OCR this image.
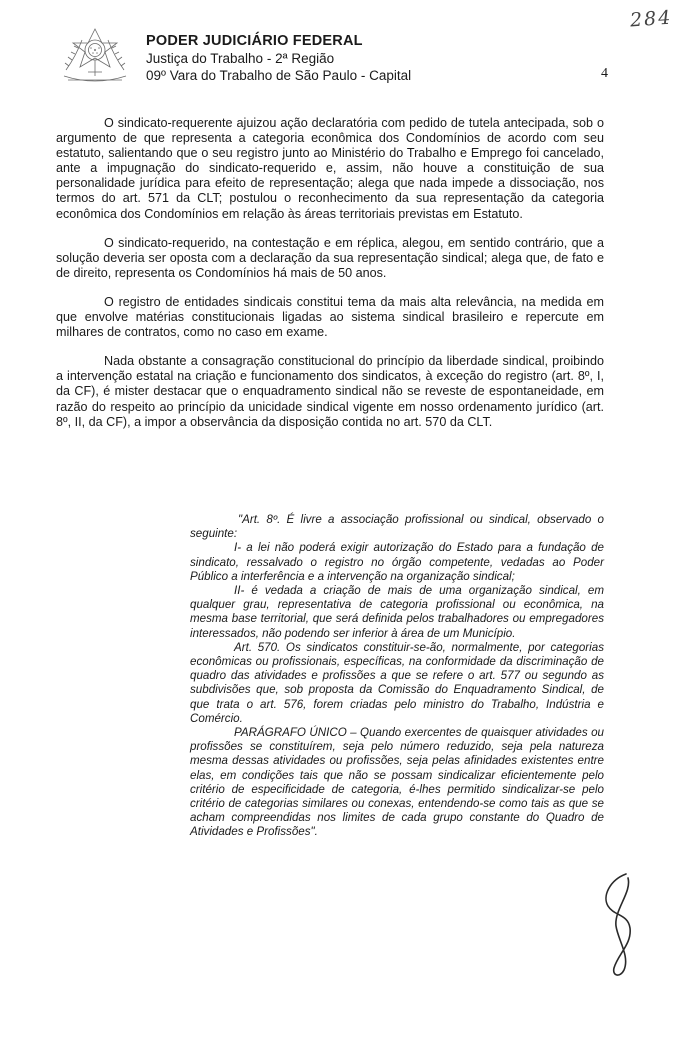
PODER JUDICIÁRIO FEDERAL
Justiça do Trabalho - 2ª Região
09º Vara do Trabalho de São Paulo - Capital
284
4

O sindicato-requerente ajuizou ação declaratória com pedido de tutela antecipada, sob o argumento de que representa a categoria econômica dos Condomínios de acordo com seu estatuto, salientando que o seu registro junto ao Ministério do Trabalho e Emprego foi cancelado, ante a impugnação do sindicato-requerido e, assim, não houve a constituição de sua personalidade jurídica para efeito de representação; alega que nada impede a dissociação, nos termos do art. 571 da CLT; postulou o reconhecimento da sua representação da categoria econômica dos Condomínios em relação às áreas territoriais previstas em Estatuto.

O sindicato-requerido, na contestação e em réplica, alegou, em sentido contrário, que a solução deveria ser oposta com a declaração da sua representação sindical; alega que, de fato e de direito, representa os Condomínios há mais de 50 anos.

O registro de entidades sindicais constitui tema da mais alta relevância, na medida em que envolve matérias constitucionais ligadas ao sistema sindical brasileiro e repercute em milhares de contratos, como no caso em exame.

Nada obstante a consagração constitucional do princípio da liberdade sindical, proibindo a intervenção estatal na criação e funcionamento dos sindicatos, à exceção do registro (art. 8º, I, da CF), é mister destacar que o enquadramento sindical não se reveste de espontaneidade, em razão do respeito ao princípio da unicidade sindical vigente em nosso ordenamento jurídico (art. 8º, II, da CF), a impor a observância da disposição contida no art. 570 da CLT.

"Art. 8º. É livre a associação profissional ou sindical, observado o seguinte:

I- a lei não poderá exigir autorização do Estado para a fundação de sindicato, ressalvado o registro no órgão competente, vedadas ao Poder Público a interferência e a intervenção na organização sindical;

II- é vedada a criação de mais de uma organização sindical, em qualquer grau, representativa de categoria profissional ou econômica, na mesma base territorial, que será definida pelos trabalhadores ou empregadores interessados, não podendo ser inferior à área de um Município.

Art. 570. Os sindicatos constituir-se-ão, normalmente, por categorias econômicas ou profissionais, específicas, na conformidade da discriminação de quadro das atividades e profissões a que se refere o art. 577 ou segundo as subdivisões que, sob proposta da Comissão do Enquadramento Sindical, de que trata o art. 576, forem criadas pelo ministro do Trabalho, Indústria e Comércio.

PARÁGRAFO ÚNICO – Quando exercentes de quaisquer atividades ou profissões se constituírem, seja pelo número reduzido, seja pela natureza mesma dessas atividades ou profissões, seja pelas afinidades existentes entre elas, em condições tais que não se possam sindicalizar eficientemente pelo critério de especificidade de categoria, é-lhes permitido sindicalizar-se pelo critério de categorias similares ou conexas, entendendo-se como tais as que se acham compreendidas nos limites de cada grupo constante do Quadro de Atividades e Profissões".
